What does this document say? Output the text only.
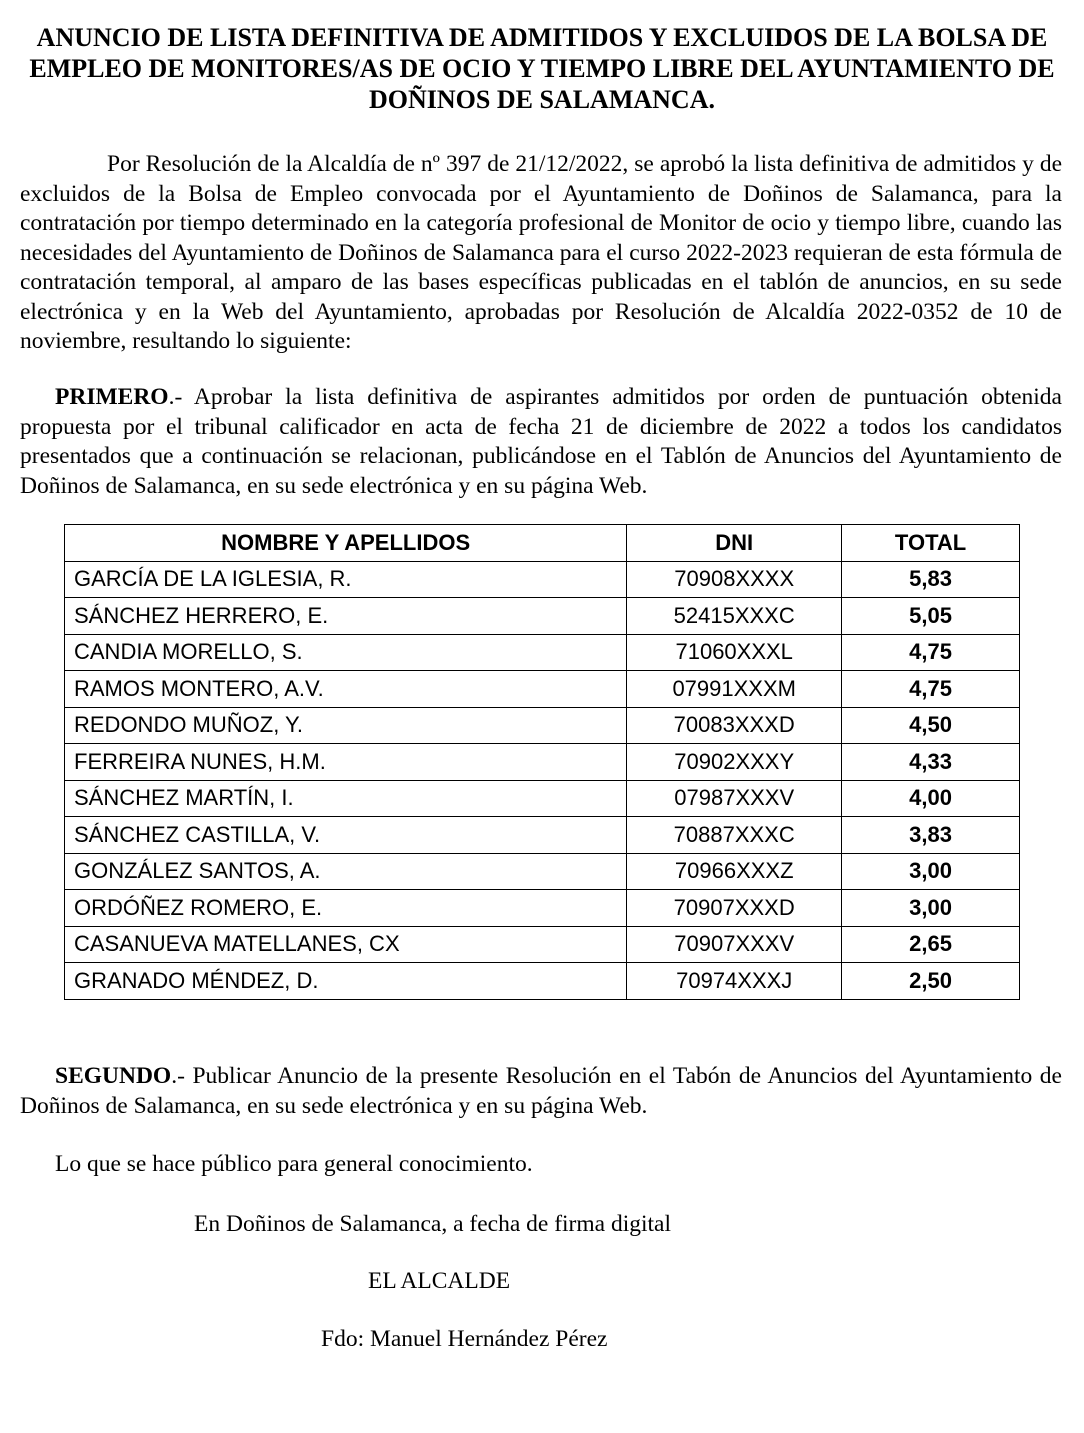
ANUNCIO DE LISTA DEFINITIVA DE ADMITIDOS Y EXCLUIDOS DE LA BOLSA DE EMPLEO DE MONITORES/AS DE OCIO Y TIEMPO LIBRE DEL AYUNTAMIENTO DE DOÑINOS DE SALAMANCA.

Por Resolución de la Alcaldía de nº 397 de 21/12/2022, se aprobó la lista definitiva de admitidos y de excluidos de la Bolsa de Empleo convocada por el Ayuntamiento de Doñinos de Salamanca, para la contratación por tiempo determinado en la categoría profesional de Monitor de ocio y tiempo libre, cuando las necesidades del Ayuntamiento de Doñinos de Salamanca para el curso 2022-2023 requieran de esta fórmula de contratación temporal, al amparo de las bases específicas publicadas en el tablón de anuncios, en su sede electrónica y en la Web del Ayuntamiento, aprobadas por Resolución de Alcaldía 2022-0352 de 10 de noviembre, resultando lo siguiente:

PRIMERO.- Aprobar la lista definitiva de aspirantes admitidos por orden de puntuación obtenida propuesta por el tribunal calificador en acta de fecha 21 de diciembre de 2022 a todos los candidatos presentados que a continuación se relacionan, publicándose en el Tablón de Anuncios del Ayuntamiento de Doñinos de Salamanca, en su sede electrónica y en su página Web.

NOMBRE Y APELLIDOS	DNI	TOTAL
GARCÍA DE LA IGLESIA, R.	70908XXXX	5,83
SÁNCHEZ HERRERO, E.	52415XXXC	5,05
CANDIA MORELLO, S.	71060XXXL	4,75
RAMOS MONTERO, A.V.	07991XXXM	4,75
REDONDO MUÑOZ, Y.	70083XXXD	4,50
FERREIRA NUNES, H.M.	70902XXXY	4,33
SÁNCHEZ MARTÍN, I.	07987XXXV	4,00
SÁNCHEZ CASTILLA, V.	70887XXXC	3,83
GONZÁLEZ SANTOS, A.	70966XXXZ	3,00
ORDÓÑEZ ROMERO, E.	70907XXXD	3,00
CASANUEVA MATELLANES, CX	70907XXXV	2,65
GRANADO MÉNDEZ, D.	70974XXXJ	2,50

SEGUNDO.- Publicar Anuncio de la presente Resolución en el Tabón de Anuncios del Ayuntamiento de Doñinos de Salamanca, en su sede electrónica y en su página Web.

Lo que se hace público para general conocimiento.
En Doñinos de Salamanca, a fecha de firma digital
EL ALCALDE
Fdo: Manuel Hernández Pérez
